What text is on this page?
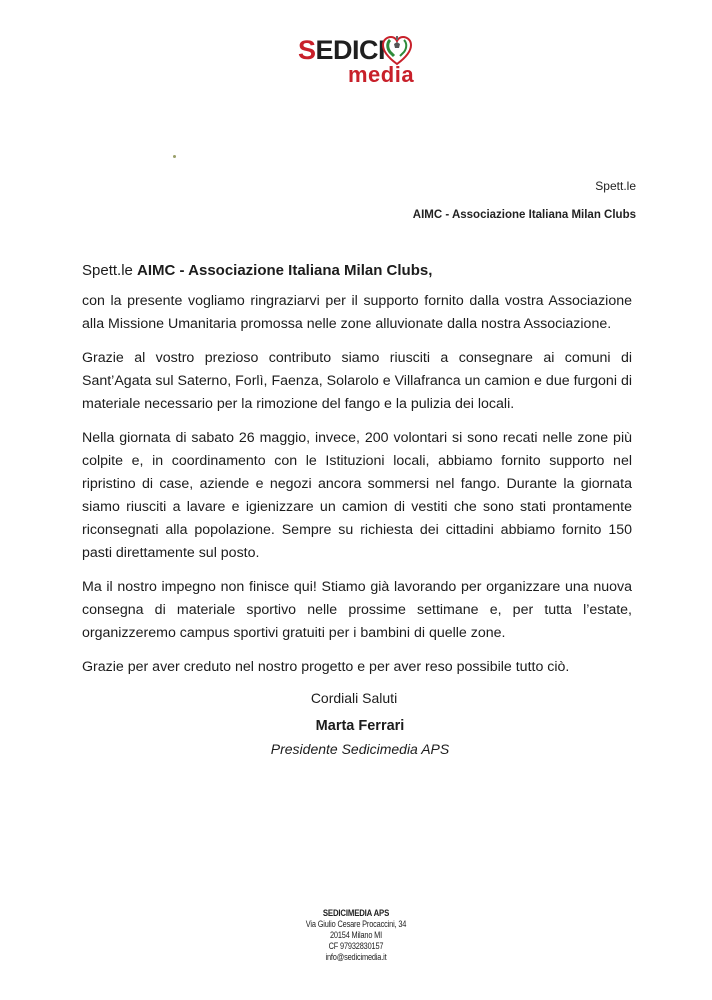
SEDICI
media
Spett.le
AIMC - Associazione Italiana Milan Clubs
Spett.le AIMC - Associazione Italiana Milan Clubs,

con la presente vogliamo ringraziarvi per il supporto fornito dalla vostra Associazione alla Missione Umanitaria promossa nelle zone alluvionate dalla nostra Associazione.

Grazie al vostro prezioso contributo siamo riusciti a consegnare ai comuni di Sant’Agata sul Saterno, Forlì, Faenza, Solarolo e Villafranca un camion e due furgoni di materiale necessario per la rimozione del fango e la pulizia dei locali.

Nella giornata di sabato 26 maggio, invece, 200 volontari si sono recati nelle zone più colpite e, in coordinamento con le Istituzioni locali, abbiamo fornito supporto nel ripristino di case, aziende e negozi ancora sommersi nel fango. Durante la giornata siamo riusciti a lavare e igienizzare un camion di vestiti che sono stati prontamente riconsegnati alla popolazione. Sempre su richiesta dei cittadini abbiamo fornito 150 pasti direttamente sul posto.

Ma il nostro impegno non finisce qui! Stiamo già lavorando per organizzare una nuova consegna di materiale sportivo nelle prossime settimane e, per tutta l’estate, organizzeremo campus sportivi gratuiti per i bambini di quelle zone.

Grazie per aver creduto nel nostro progetto e per aver reso possibile tutto ciò.

Cordiali Saluti
Marta Ferrari
Presidente Sedicimedia APS
SEDICIMEDIA APS
Via Giulio Cesare Procaccini, 34
20154 Milano MI
CF 97932830157
info@sedicimedia.it
